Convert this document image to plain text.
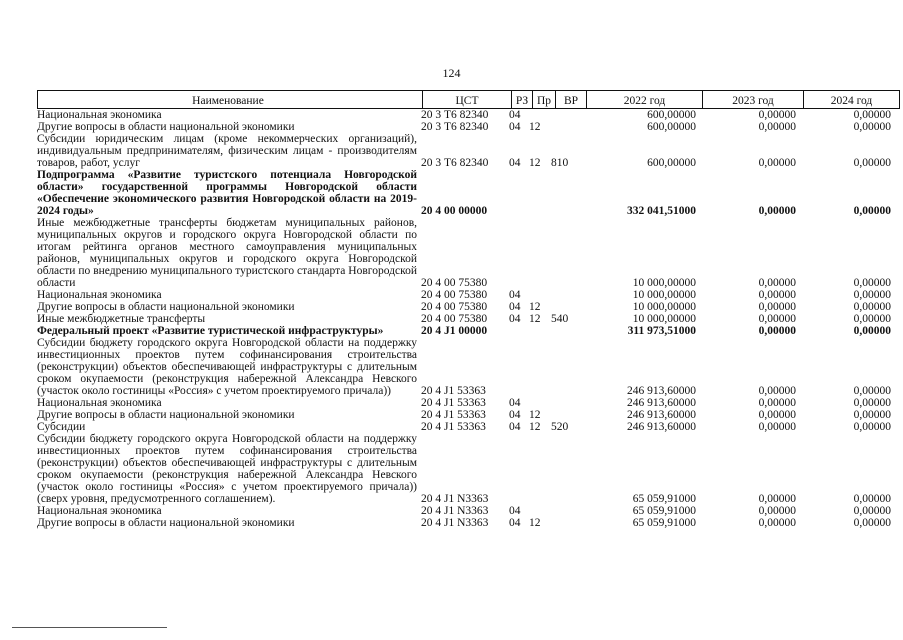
124
Наименование	ЦСТ	РЗ	Пр	ВР	2022 год	2023 год	2024 год
Национальная экономика	20 3 Т6 82340	04			600,00000	0,00000	0,00000

Другие вопросы в области национальной экономики	20 3 Т6 82340	04	12		600,00000	0,00000	0,00000

Субсидии юридическим лицам (кроме некоммерческих организаций), индивидуальным предпринимателям, физическим лицам - производителям товаров, работ, услуг	20 3 Т6 82340	04	12	810	600,00000	0,00000	0,00000

Подпрограмма «Развитие туристского потенциала Новгородской области» государственной программы Новгородской области «Обеспечение экономического развития Новгородской области на 2019-2024 годы»	20 4 00 00000				332 041,51000	0,00000	0,00000

Иные межбюджетные трансферты бюджетам муниципальных районов, муниципальных округов и городского округа Новгородской области по итогам рейтинга органов местного самоуправления муниципальных районов, муниципальных округов и городского округа Новгородской области по внедрению муниципального туристского стандарта Новгородской области	20 4 00 75380				10 000,00000	0,00000	0,00000

Национальная экономика	20 4 00 75380	04			10 000,00000	0,00000	0,00000

Другие вопросы в области национальной экономики	20 4 00 75380	04	12		10 000,00000	0,00000	0,00000

Иные межбюджетные трансферты	20 4 00 75380	04	12	540	10 000,00000	0,00000	0,00000

Федеральный проект «Развитие туристической инфраструктуры»	20 4 J1 00000				311 973,51000	0,00000	0,00000

Субсидии бюджету городского округа Новгородской области на поддержку инвестиционных проектов путем софинансирования строительства (реконструкции) объектов обеспечивающей инфраструктуры с длительным сроком окупаемости (реконструкция набережной Александра Невского (участок около гостиницы «Россия» с учетом проектируемого причала))	20 4 J1 53363				246 913,60000	0,00000	0,00000

Национальная экономика	20 4 J1 53363	04			246 913,60000	0,00000	0,00000

Другие вопросы в области национальной экономики	20 4 J1 53363	04	12		246 913,60000	0,00000	0,00000

Субсидии	20 4 J1 53363	04	12	520	246 913,60000	0,00000	0,00000

Субсидии бюджету городского округа Новгородской области на поддержку инвестиционных проектов путем софинансирования строительства (реконструкции) объектов обеспечивающей инфраструктуры с длительным сроком окупаемости (реконструкция набережной Александра Невского (участок около гостиницы «Россия» с учетом проектируемого причала)) (сверх уровня, предусмотренного соглашением).	20 4 J1 N3363				65 059,91000	0,00000	0,00000

Национальная экономика	20 4 J1 N3363	04			65 059,91000	0,00000	0,00000

Другие вопросы в области национальной экономики	20 4 J1 N3363	04	12		65 059,91000	0,00000	0,00000
